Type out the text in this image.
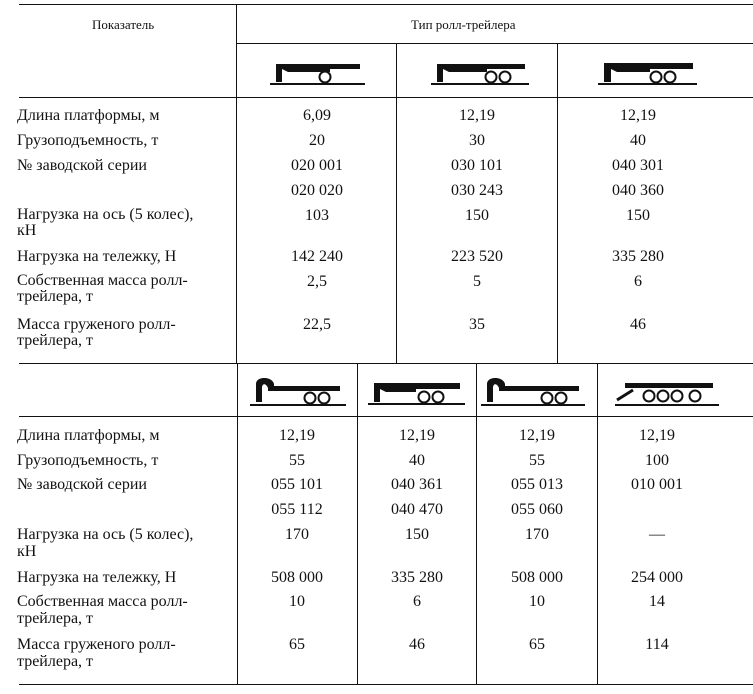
Показатель	Тип ролл-трейлера
Длина платформы, м
Грузоподъемность, т
№ заводской серии
Нагрузка на ось (5 колес),
кН
Нагрузка на тележку, Н
Собственная масса ролл-
трейлера, т
Масса груженого ролл-
трейлера, т
6,09
20
020 001
020 020
103
142 240
2,5
22,5
12,19
30
030 101
030 243
150
223 520
5
35
12,19
40
040 301
040 360
150
335 280
6
46
Длина платформы, м
Грузоподъемность, т
№ заводской серии
Нагрузка на ось (5 колес),
кН
Нагрузка на тележку, Н
Собственная масса ролл-
трейлера, т
Масса груженого ролл-
трейлера, т
12,19
55
055 101
055 112
170
508 000
10
65
12,19
40
040 361
040 470
150
335 280
6
46
12,19
55
055 013
055 060
170
508 000
10
65
12,19
100
010 001
—
254 000
14
114
